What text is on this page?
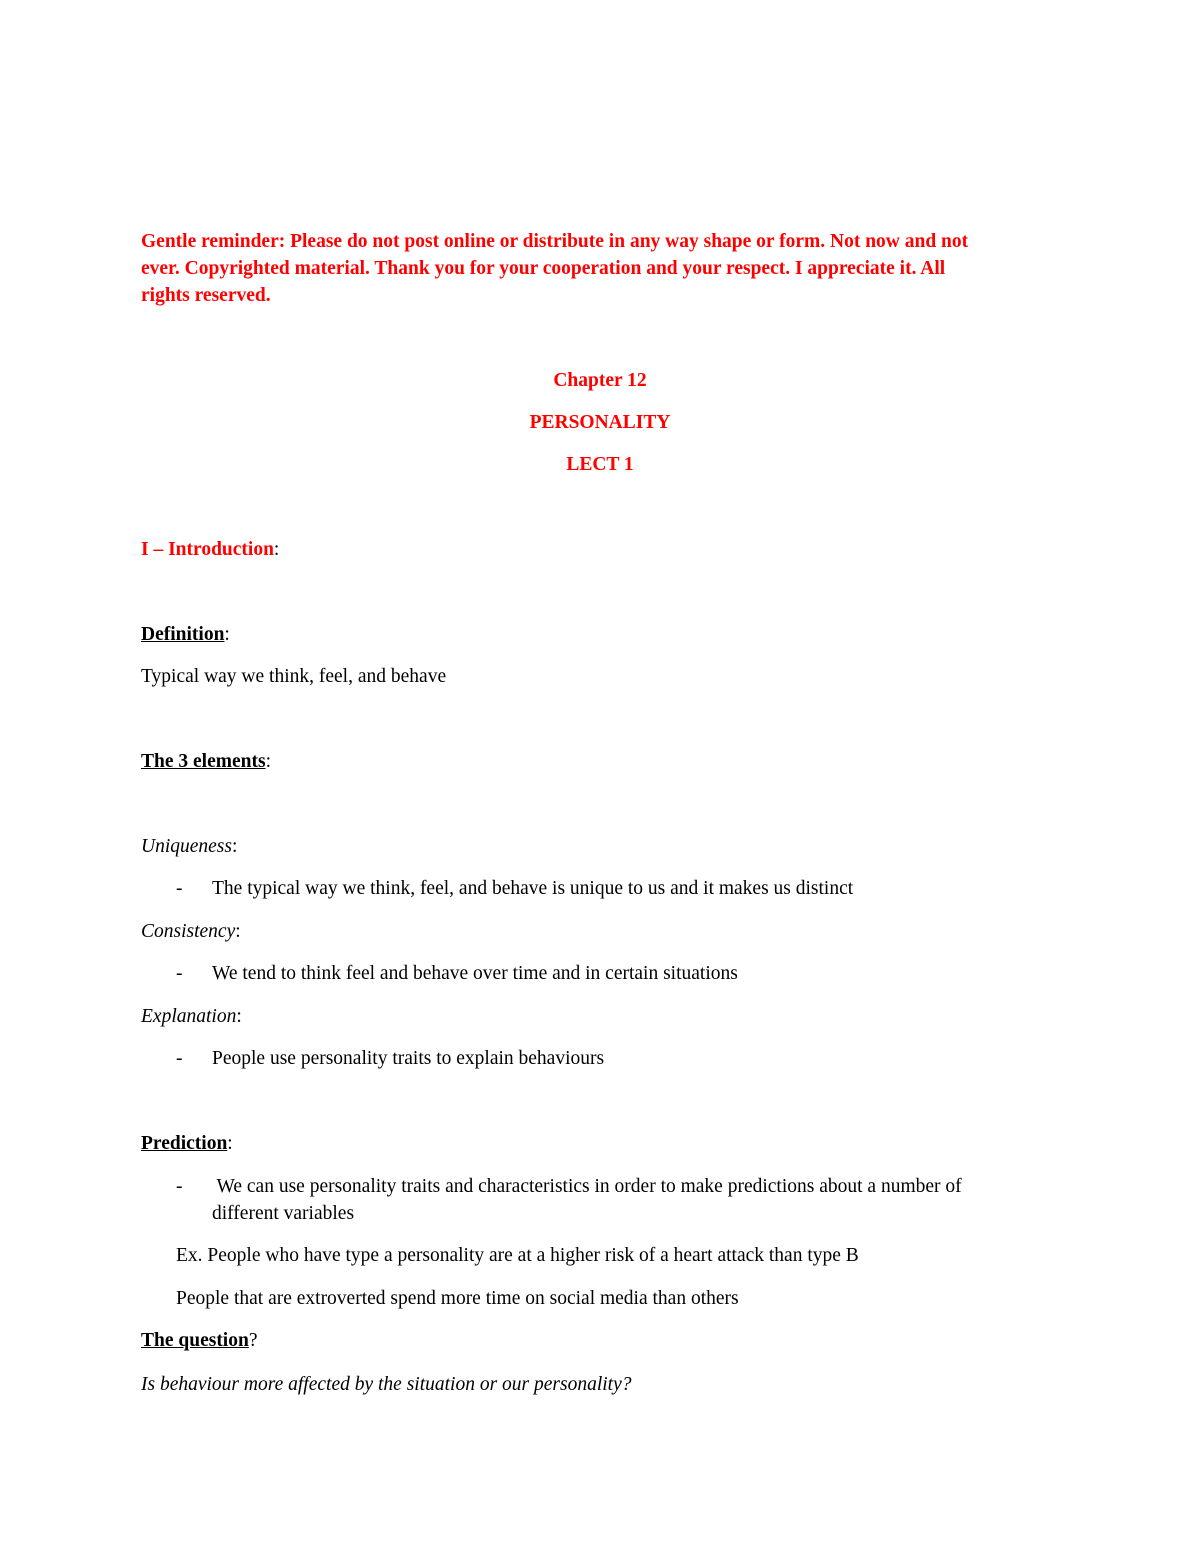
Gentle reminder: Please do not post online or distribute in any way shape or form. Not now and not

ever. Copyrighted material. Thank you for your cooperation and your respect. I appreciate it. All

rights reserved.

Chapter 12

PERSONALITY

LECT 1

I – Introduction:

Definition:

Typical way we think, feel, and behave

The 3 elements:

Uniqueness:

- The typical way we think, feel, and behave is unique to us and it makes us distinct

Consistency:

- We tend to think feel and behave over time and in certain situations

Explanation:

- People use personality traits to explain behaviours

Prediction:

- We can use personality traits and characteristics in order to make predictions about a number of
different variables

Ex. People who have type a personality are at a higher risk of a heart attack than type B

People that are extroverted spend more time on social media than others

The question?

Is behaviour more affected by the situation or our personality?
